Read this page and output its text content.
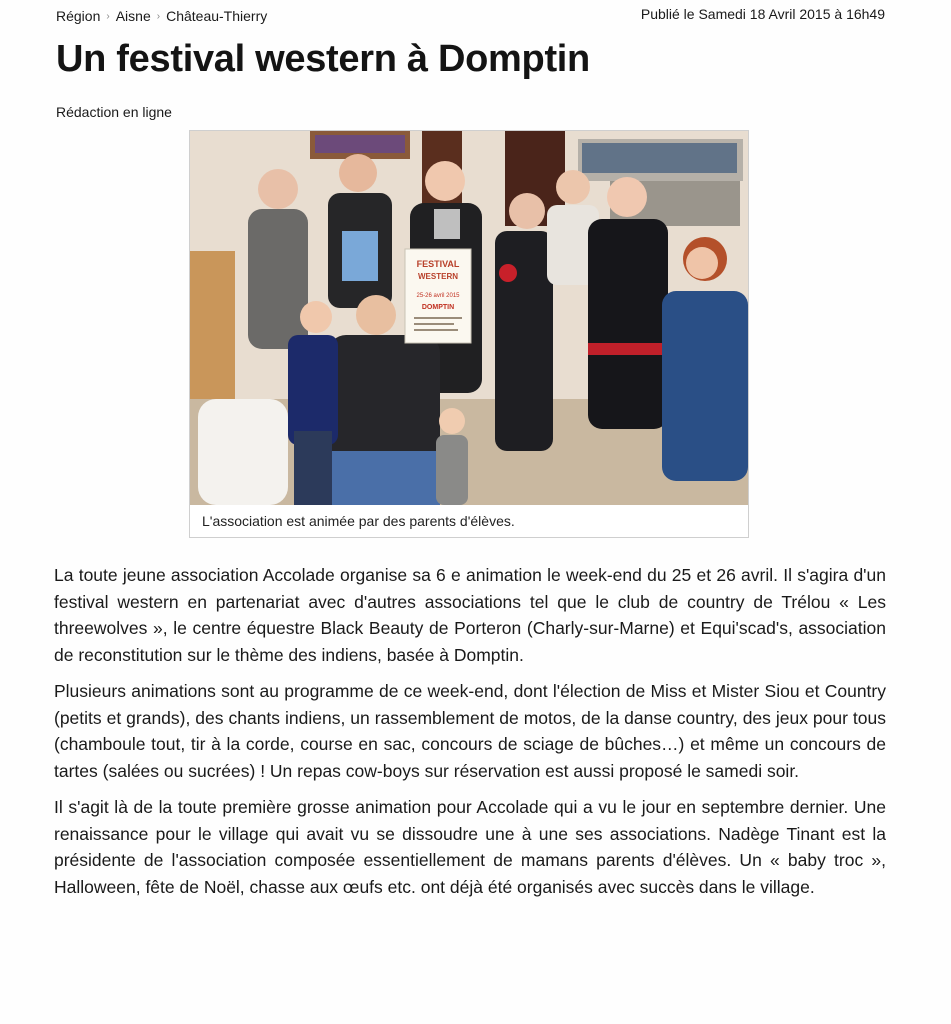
Région › Aisne › Château-Thierry	Publié le Samedi 18 Avril 2015 à 16h49
Un festival western à Domptin
Rédaction en ligne
FESTIVAL
WESTERN
25-26 avril 2015
DOMPTIN
L'association est animée par des parents d'élèves.

La toute jeune association Accolade organise sa 6 e animation le week-end du 25 et 26 avril. Il s'agira d'un festival western en partenariat avec d'autres associations tel que le club de country de Trélou « Les threewolves », le centre équestre Black Beauty de Porteron (Charly-sur-Marne) et Equi'scad's, association de reconstitution sur le thème des indiens, basée à Domptin.

Plusieurs animations sont au programme de ce week-end, dont l'élection de Miss et Mister Siou et Country (petits et grands), des chants indiens, un rassemblement de motos, de la danse country, des jeux pour tous (chamboule tout, tir à la corde, course en sac, concours de sciage de bûches…) et même un concours de tartes (salées ou sucrées) ! Un repas cow-boys sur réservation est aussi proposé le samedi soir.

Il s'agit là de la toute première grosse animation pour Accolade qui a vu le jour en septembre dernier. Une renaissance pour le village qui avait vu se dissoudre une à une ses associations. Nadège Tinant est la présidente de l'association composée essentiellement de mamans parents d'élèves. Un « baby troc », Halloween, fête de Noël, chasse aux œufs etc. ont déjà été organisés avec succès dans le village.
